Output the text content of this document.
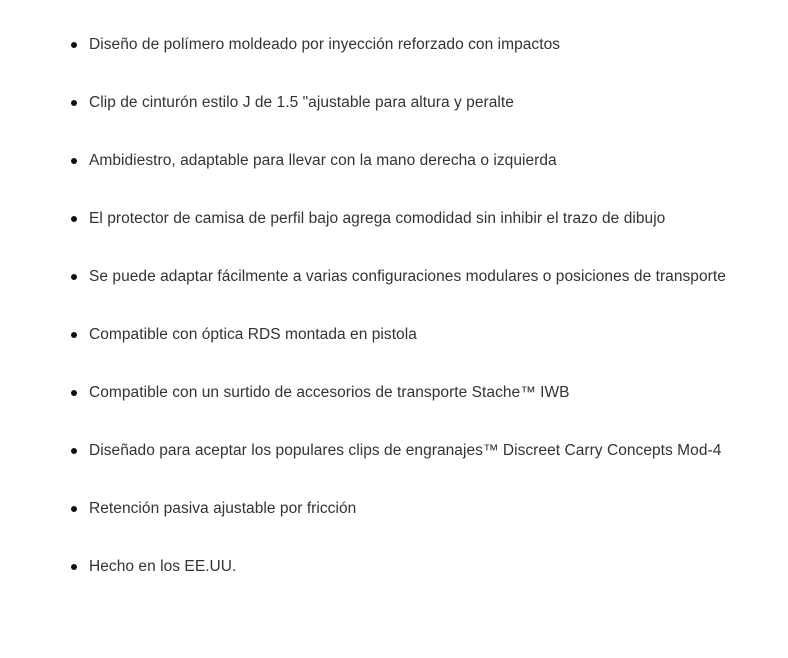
Diseño de polímero moldeado por inyección reforzado con impactos
Clip de cinturón estilo J de 1.5 "ajustable para altura y peralte
Ambidiestro, adaptable para llevar con la mano derecha o izquierda
El protector de camisa de perfil bajo agrega comodidad sin inhibir el trazo de dibujo
Se puede adaptar fácilmente a varias configuraciones modulares o posiciones de transporte
Compatible con óptica RDS montada en pistola
Compatible con un surtido de accesorios de transporte Stache™ IWB
Diseñado para aceptar los populares clips de engranajes™ Discreet Carry Concepts Mod-4
Retención pasiva ajustable por fricción
Hecho en los EE.UU.
